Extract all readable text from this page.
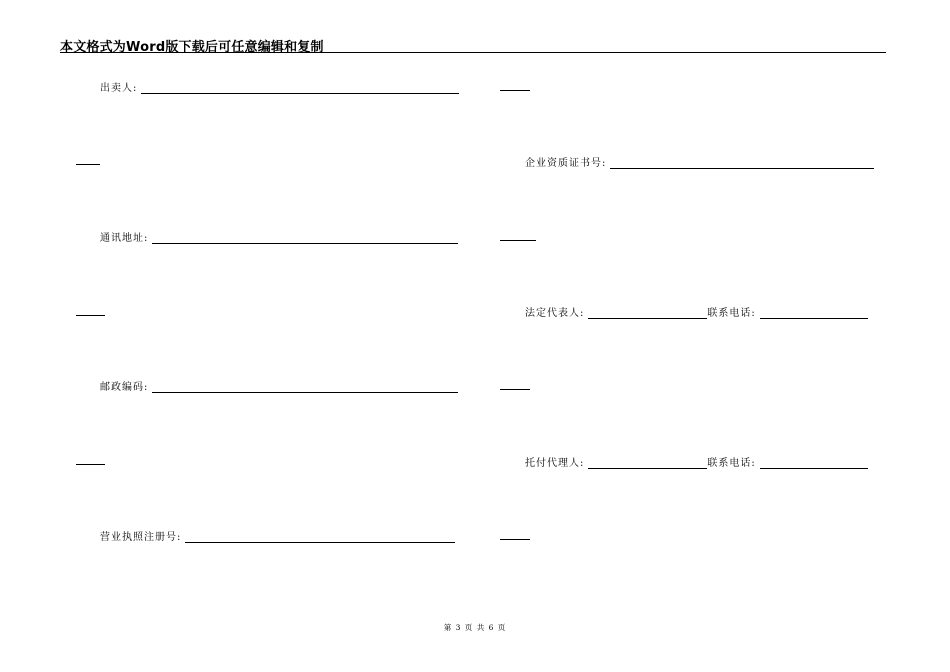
本文格式为Word版下载后可任意编辑和复制
出卖人:
通讯地址:
邮政编码:
营业执照注册号:
企业资质证书号:
法定代表人:	联系电话:
托付代理人:	联系电话:
第 3 页 共 6 页
